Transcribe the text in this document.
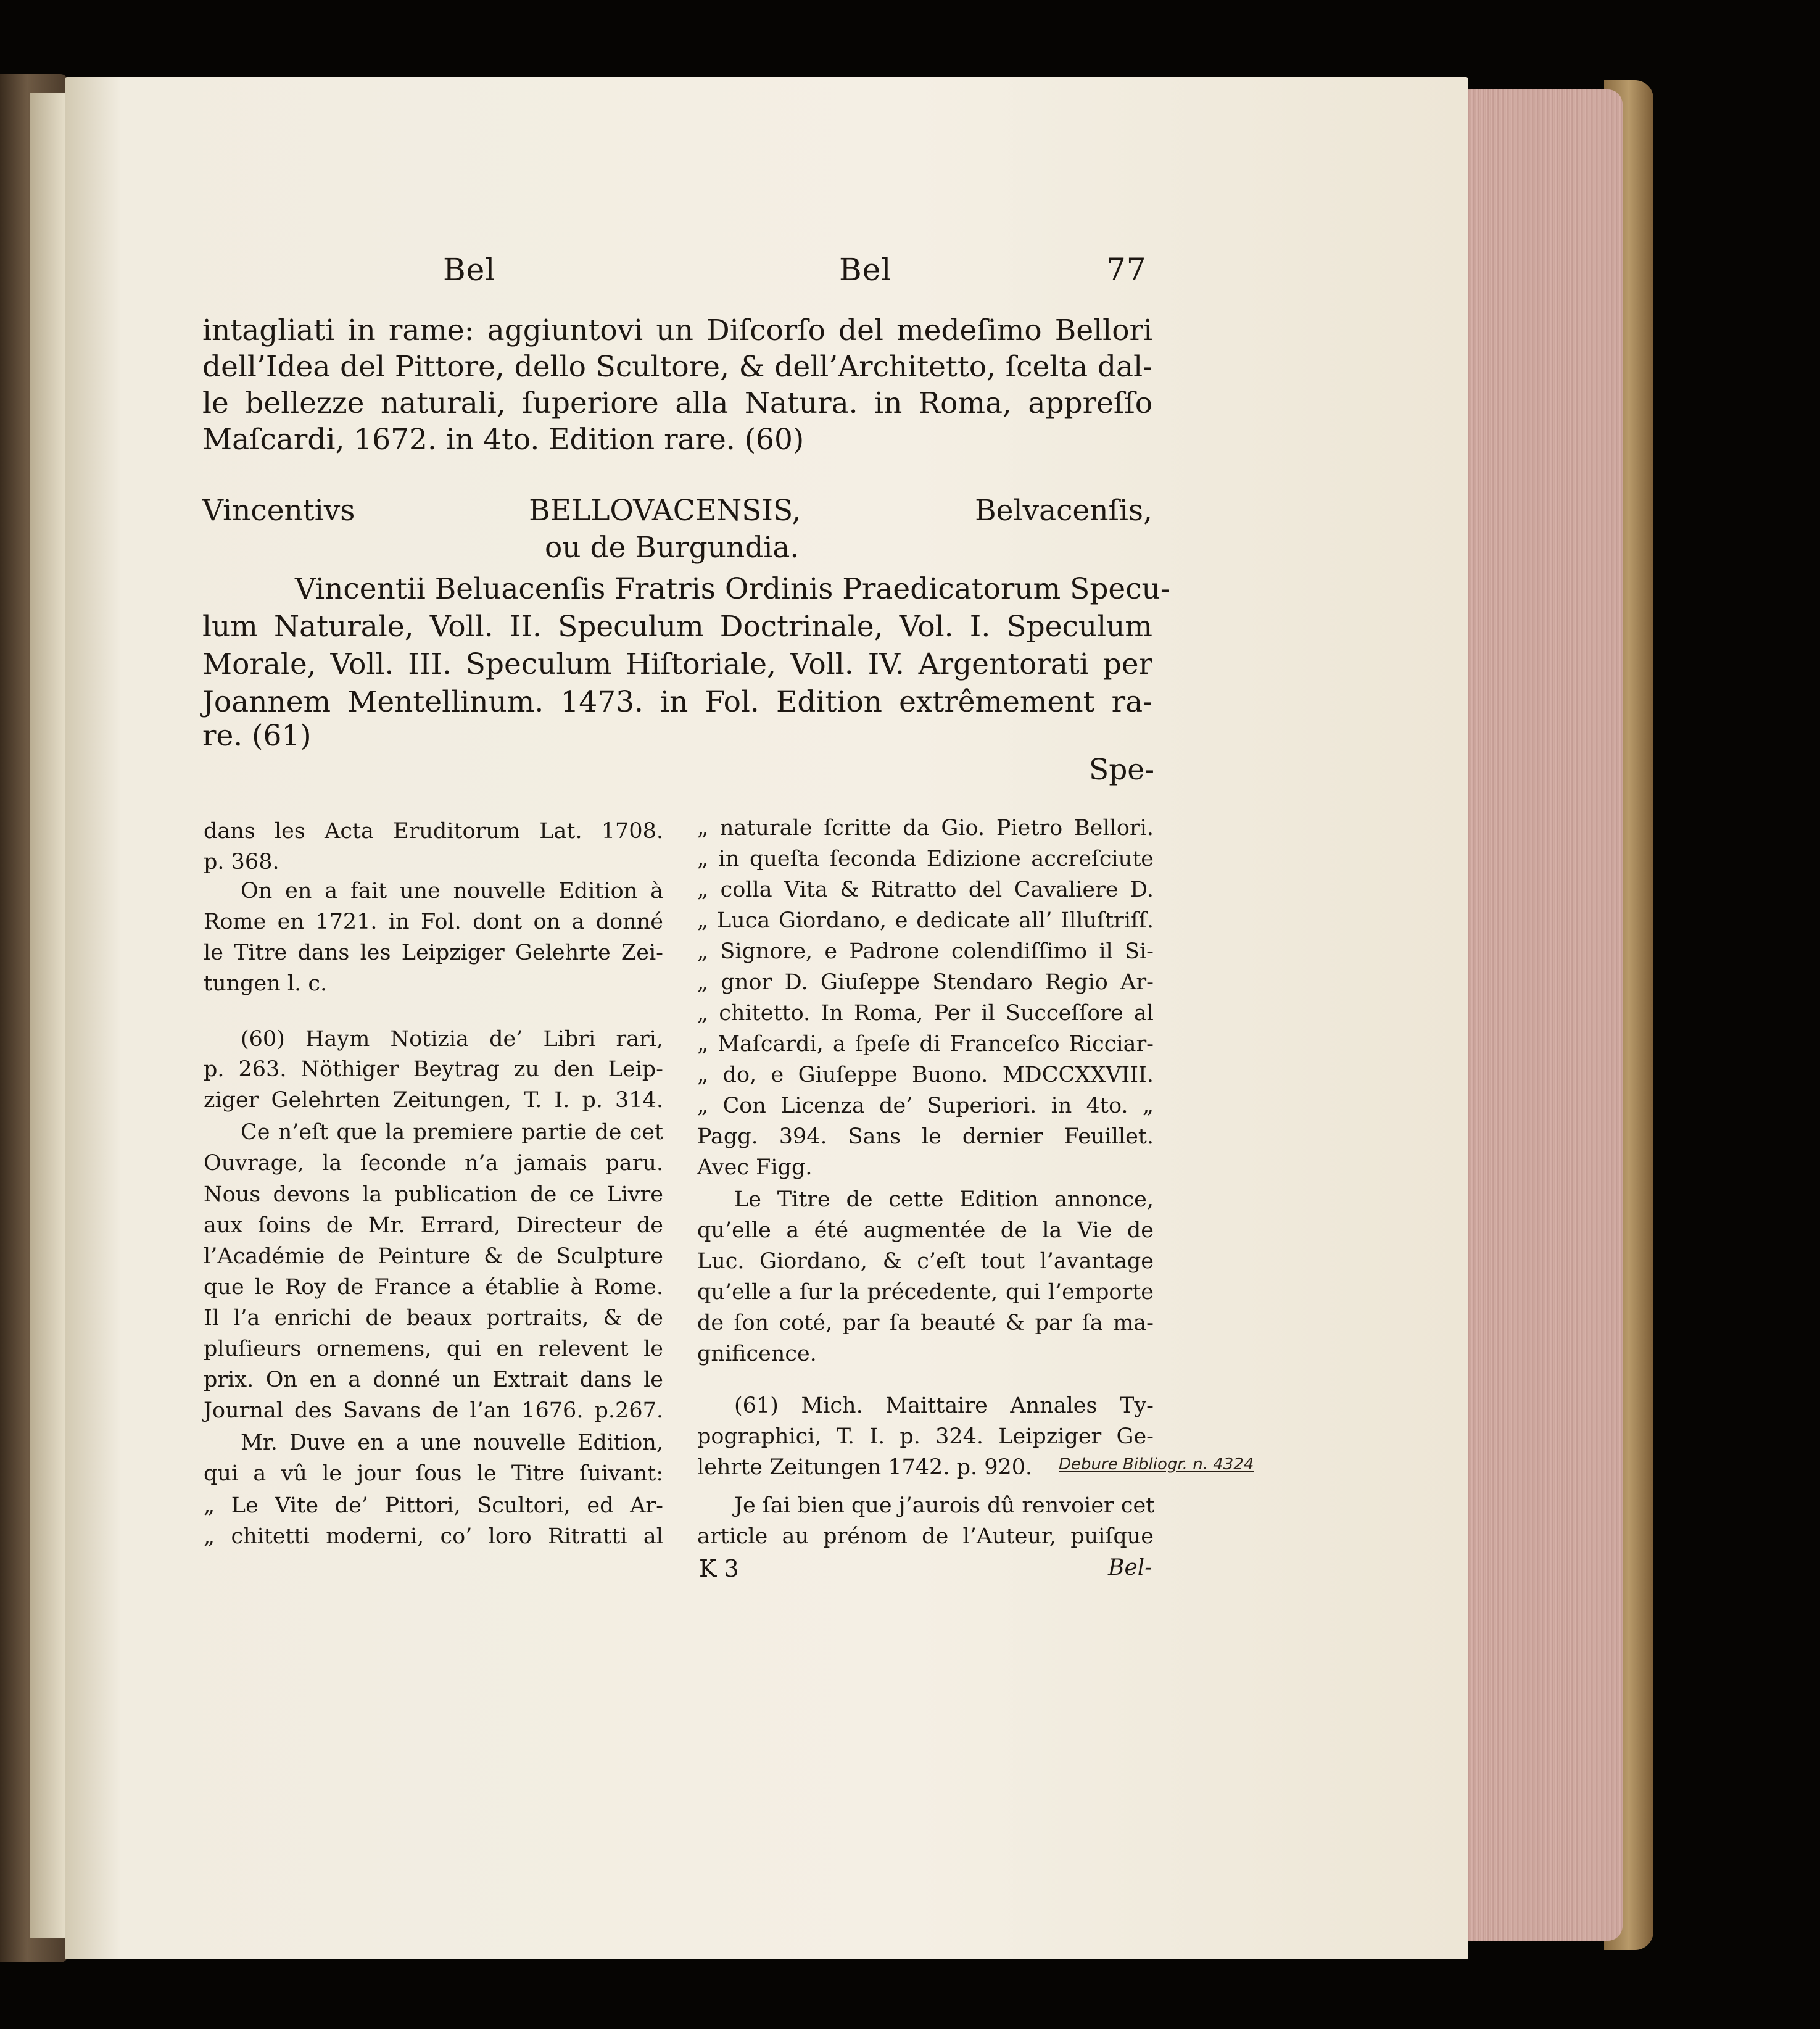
Bel	Bel	77
intagliati in rame: aggiuntovi un Diſcorſo del medeſimo Bellori
dell’Idea del Pittore, dello Scultore, & dell’Architetto, ſcelta dal-
le bellezze naturali, ſuperiore alla Natura. in Roma, appreſſo
Maſcardi, 1672. in 4to. Edition rare. (60)
Vincentivs BELLOVACENSIS, Belvacenſis,
ou de Burgundia.
Vincentii Beluacenſis Fratris Ordinis Praedicatorum Specu-
lum Naturale, Voll. II. Speculum Doctrinale, Vol. I. Speculum
Morale, Voll. III. Speculum Hiſtoriale, Voll. IV. Argentorati per
Joannem Mentellinum. 1473. in Fol. Edition extrêmement ra-
re. (61)
Spe-
dans les Acta Eruditorum Lat. 1708.
p. 368.
On en a fait une nouvelle Edition à
Rome en 1721. in Fol. dont on a donné
le Titre dans les Leipziger Gelehrte Zei-
tungen l. c.
(60) Haym Notizia de’ Libri rari,
p. 263. Nöthiger Beytrag zu den Leip-
ziger Gelehrten Zeitungen, T. I. p. 314.
Ce n’eſt que la premiere partie de cet
Ouvrage, la ſeconde n’a jamais paru.
Nous devons la publication de ce Livre
aux ſoins de Mr. Errard, Directeur de
l’Académie de Peinture & de Sculpture
que le Roy de France a établie à Rome.
Il l’a enrichi de beaux portraits, & de
pluſieurs ornemens, qui en relevent le
prix. On en a donné un Extrait dans le
Journal des Savans de l’an 1676. p.267.
Mr. Duve en a une nouvelle Edition,
qui a vû le jour ſous le Titre ſuivant:
„ Le Vite de’ Pittori, Scultori, ed Ar-
„ chitetti moderni, co’ loro Ritratti al
„ naturale ſcritte da Gio. Pietro Bellori.
„ in queſta ſeconda Edizione accreſciute
„ colla Vita & Ritratto del Cavaliere D.
„ Luca Giordano, e dedicate all’ Illuſtriſſ.
„ Signore, e Padrone colendiſſimo il Si-
„ gnor D. Giuſeppe Stendaro Regio Ar-
„ chitetto. In Roma, Per il Succeſſore al
„ Maſcardi, a ſpeſe di Franceſco Ricciar-
„ do, e Giuſeppe Buono. MDCCXXVIII.
„ Con Licenza de’ Superiori. in 4to. „
Pagg. 394. Sans le dernier Feuillet.
Avec Figg.
Le Titre de cette Edition annonce,
qu’elle a été augmentée de la Vie de
Luc. Giordano, & c’eſt tout l’avantage
qu’elle a ſur la précedente, qui l’emporte
de ſon coté, par ſa beauté & par ſa ma-
gnificence.
(61) Mich. Maittaire Annales Ty-
pographici, T. I. p. 324. Leipziger Ge-
lehrte Zeitungen 1742. p. 920.	Debure Bibliogr. n. 4324
Je ſai bien que j’aurois dû renvoier cet
article au prénom de l’Auteur, puiſque
K 3	Bel-
